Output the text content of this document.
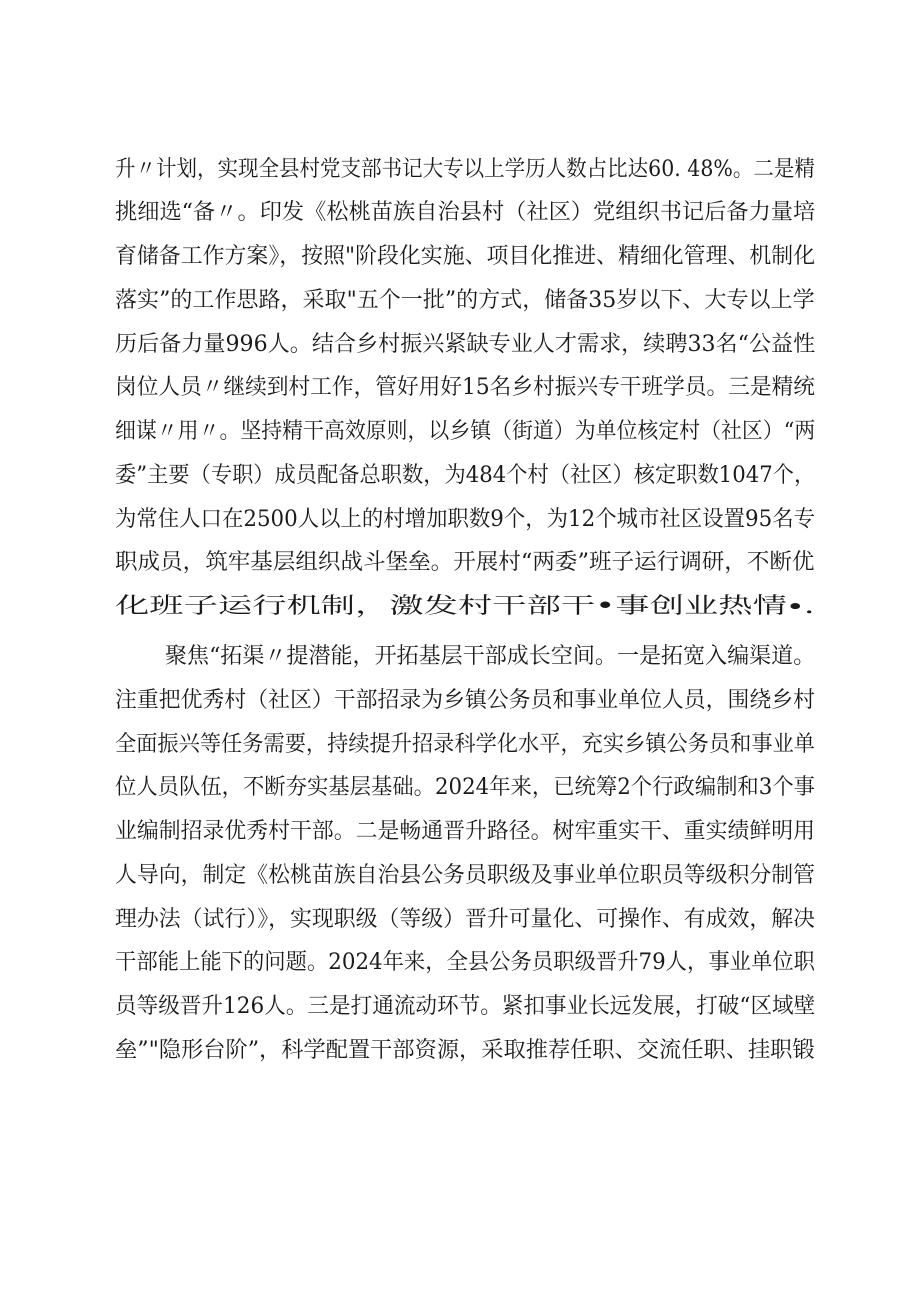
升〃计划，实现全县村党支部书记大专以上学历人数占比达60. 48%。二是精
挑细选“备〃。印发《松桃苗族自治县村（社区）党组织书记后备力量培
育储备工作方案》，按照"阶段化实施、项目化推进、精细化管理、机制化
落实”的工作思路，采取"五个一批”的方式，储备35岁以下、大专以上学
历后备力量996人。结合乡村振兴紧缺专业人才需求，续聘33名“公益性
岗位人员〃继续到村工作，管好用好15名乡村振兴专干班学员。三是精统
细谋〃用〃。坚持精干高效原则，以乡镇（街道）为单位核定村（社区）“两
委”主要（专职）成员配备总职数，为484个村（社区）核定职数1047个，
为常住人口在2500人以上的村增加职数9个，为12个城市社区设置95名专
职成员，筑牢基层组织战斗堡垒。开展村“两委”班子运行调研，不断优
化班子运行机制，激发村干部干•事创业热情∙.
聚焦“拓渠〃提潜能，开拓基层干部成长空间。一是拓宽入编渠道。
注重把优秀村（社区）干部招录为乡镇公务员和事业单位人员，围绕乡村
全面振兴等任务需要，持续提升招录科学化水平，充实乡镇公务员和事业单
位人员队伍，不断夯实基层基础。2024年来，已统筹2个行政编制和3个事
业编制招录优秀村干部。二是畅通晋升路径。树牢重实干、重实绩鲜明用
人导向，制定《松桃苗族自治县公务员职级及事业单位职员等级积分制管
理办法（试行）》，实现职级（等级）晋升可量化、可操作、有成效，解决
干部能上能下的问题。2024年来，全县公务员职级晋升79人，事业单位职
员等级晋升126人。三是打通流动环节。紧扣事业长远发展，打破“区域壁
垒”"隐形台阶”，科学配置干部资源，采取推荐任职、交流任职、挂职锻
